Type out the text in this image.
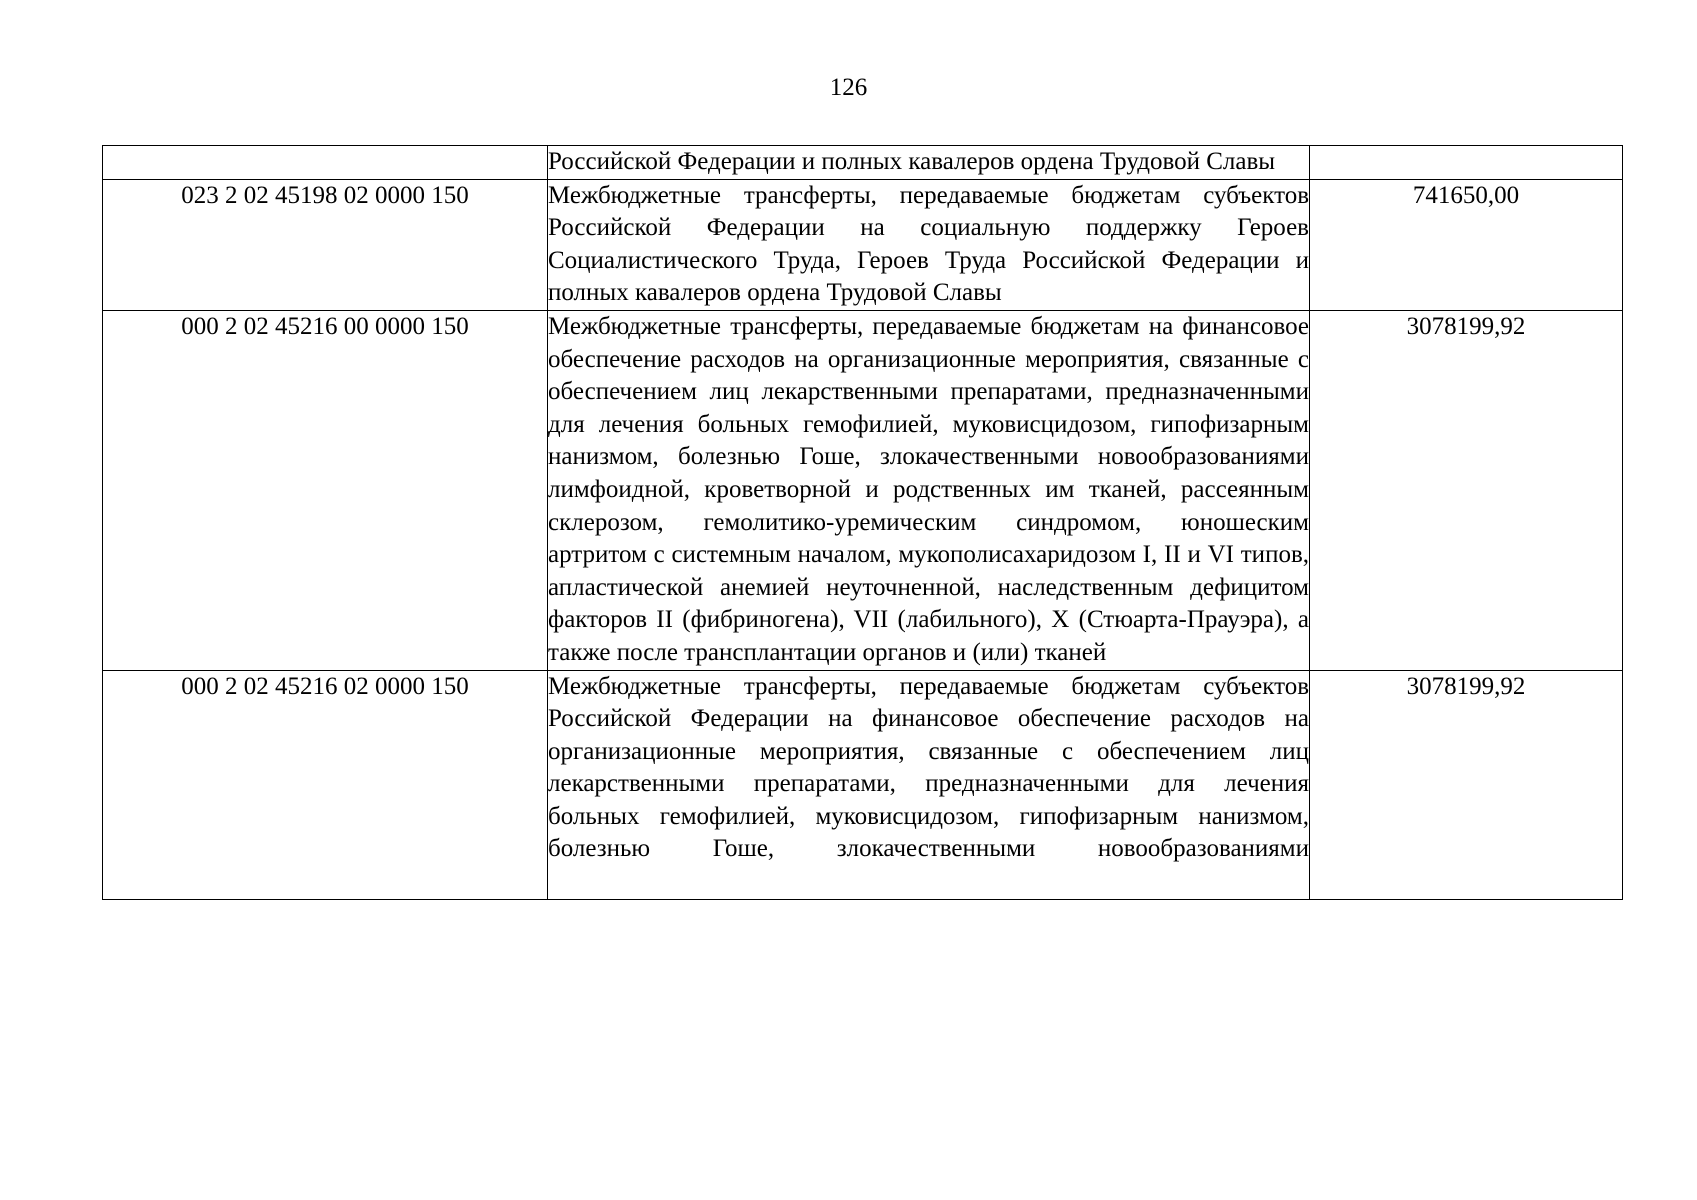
126

	Российской Федерации и полных кавалеров ордена Трудовой Славы	

023 2 02 45198 02 0000 150	Межбюджетные трансферты, передаваемые бюджетам субъектов Российской Федерации на социальную поддержку Героев Социалистического Труда, Героев Труда Российской Федерации и полных кавалеров ордена Трудовой Славы	741650,00
000 2 02 45216 00 0000 150	Межбюджетные трансферты, передаваемые бюджетам на финансовое обеспечение расходов на организационные мероприятия, связанные с обеспечением лиц лекарственными препаратами, предназначенными для лечения больных гемофилией, муковисцидозом, гипофизарным нанизмом, болезнью Гоше, злокачественными новообразованиями лимфоидной, кроветворной и родственных им тканей, рассеянным склерозом, гемолитико-уремическим синдромом, юношеским артритом с системным началом, мукополисахаридозом I, II и VI типов, апластической анемией неуточненной, наследственным дефицитом факторов II (фибриногена), VII (лабильного), X (Стюарта-Прауэра), а также после трансплантации органов и (или) тканей	3078199,92
000 2 02 45216 02 0000 150	Межбюджетные трансферты, передаваемые бюджетам субъектов Российской Федерации на финансовое обеспечение расходов на организационные мероприятия, связанные с обеспечением лиц лекарственными препаратами, предназначенными для лечения больных гемофилией, муковисцидозом, гипофизарным нанизмом, болезнью Гоше, злокачественными новообразованиями	3078199,92
